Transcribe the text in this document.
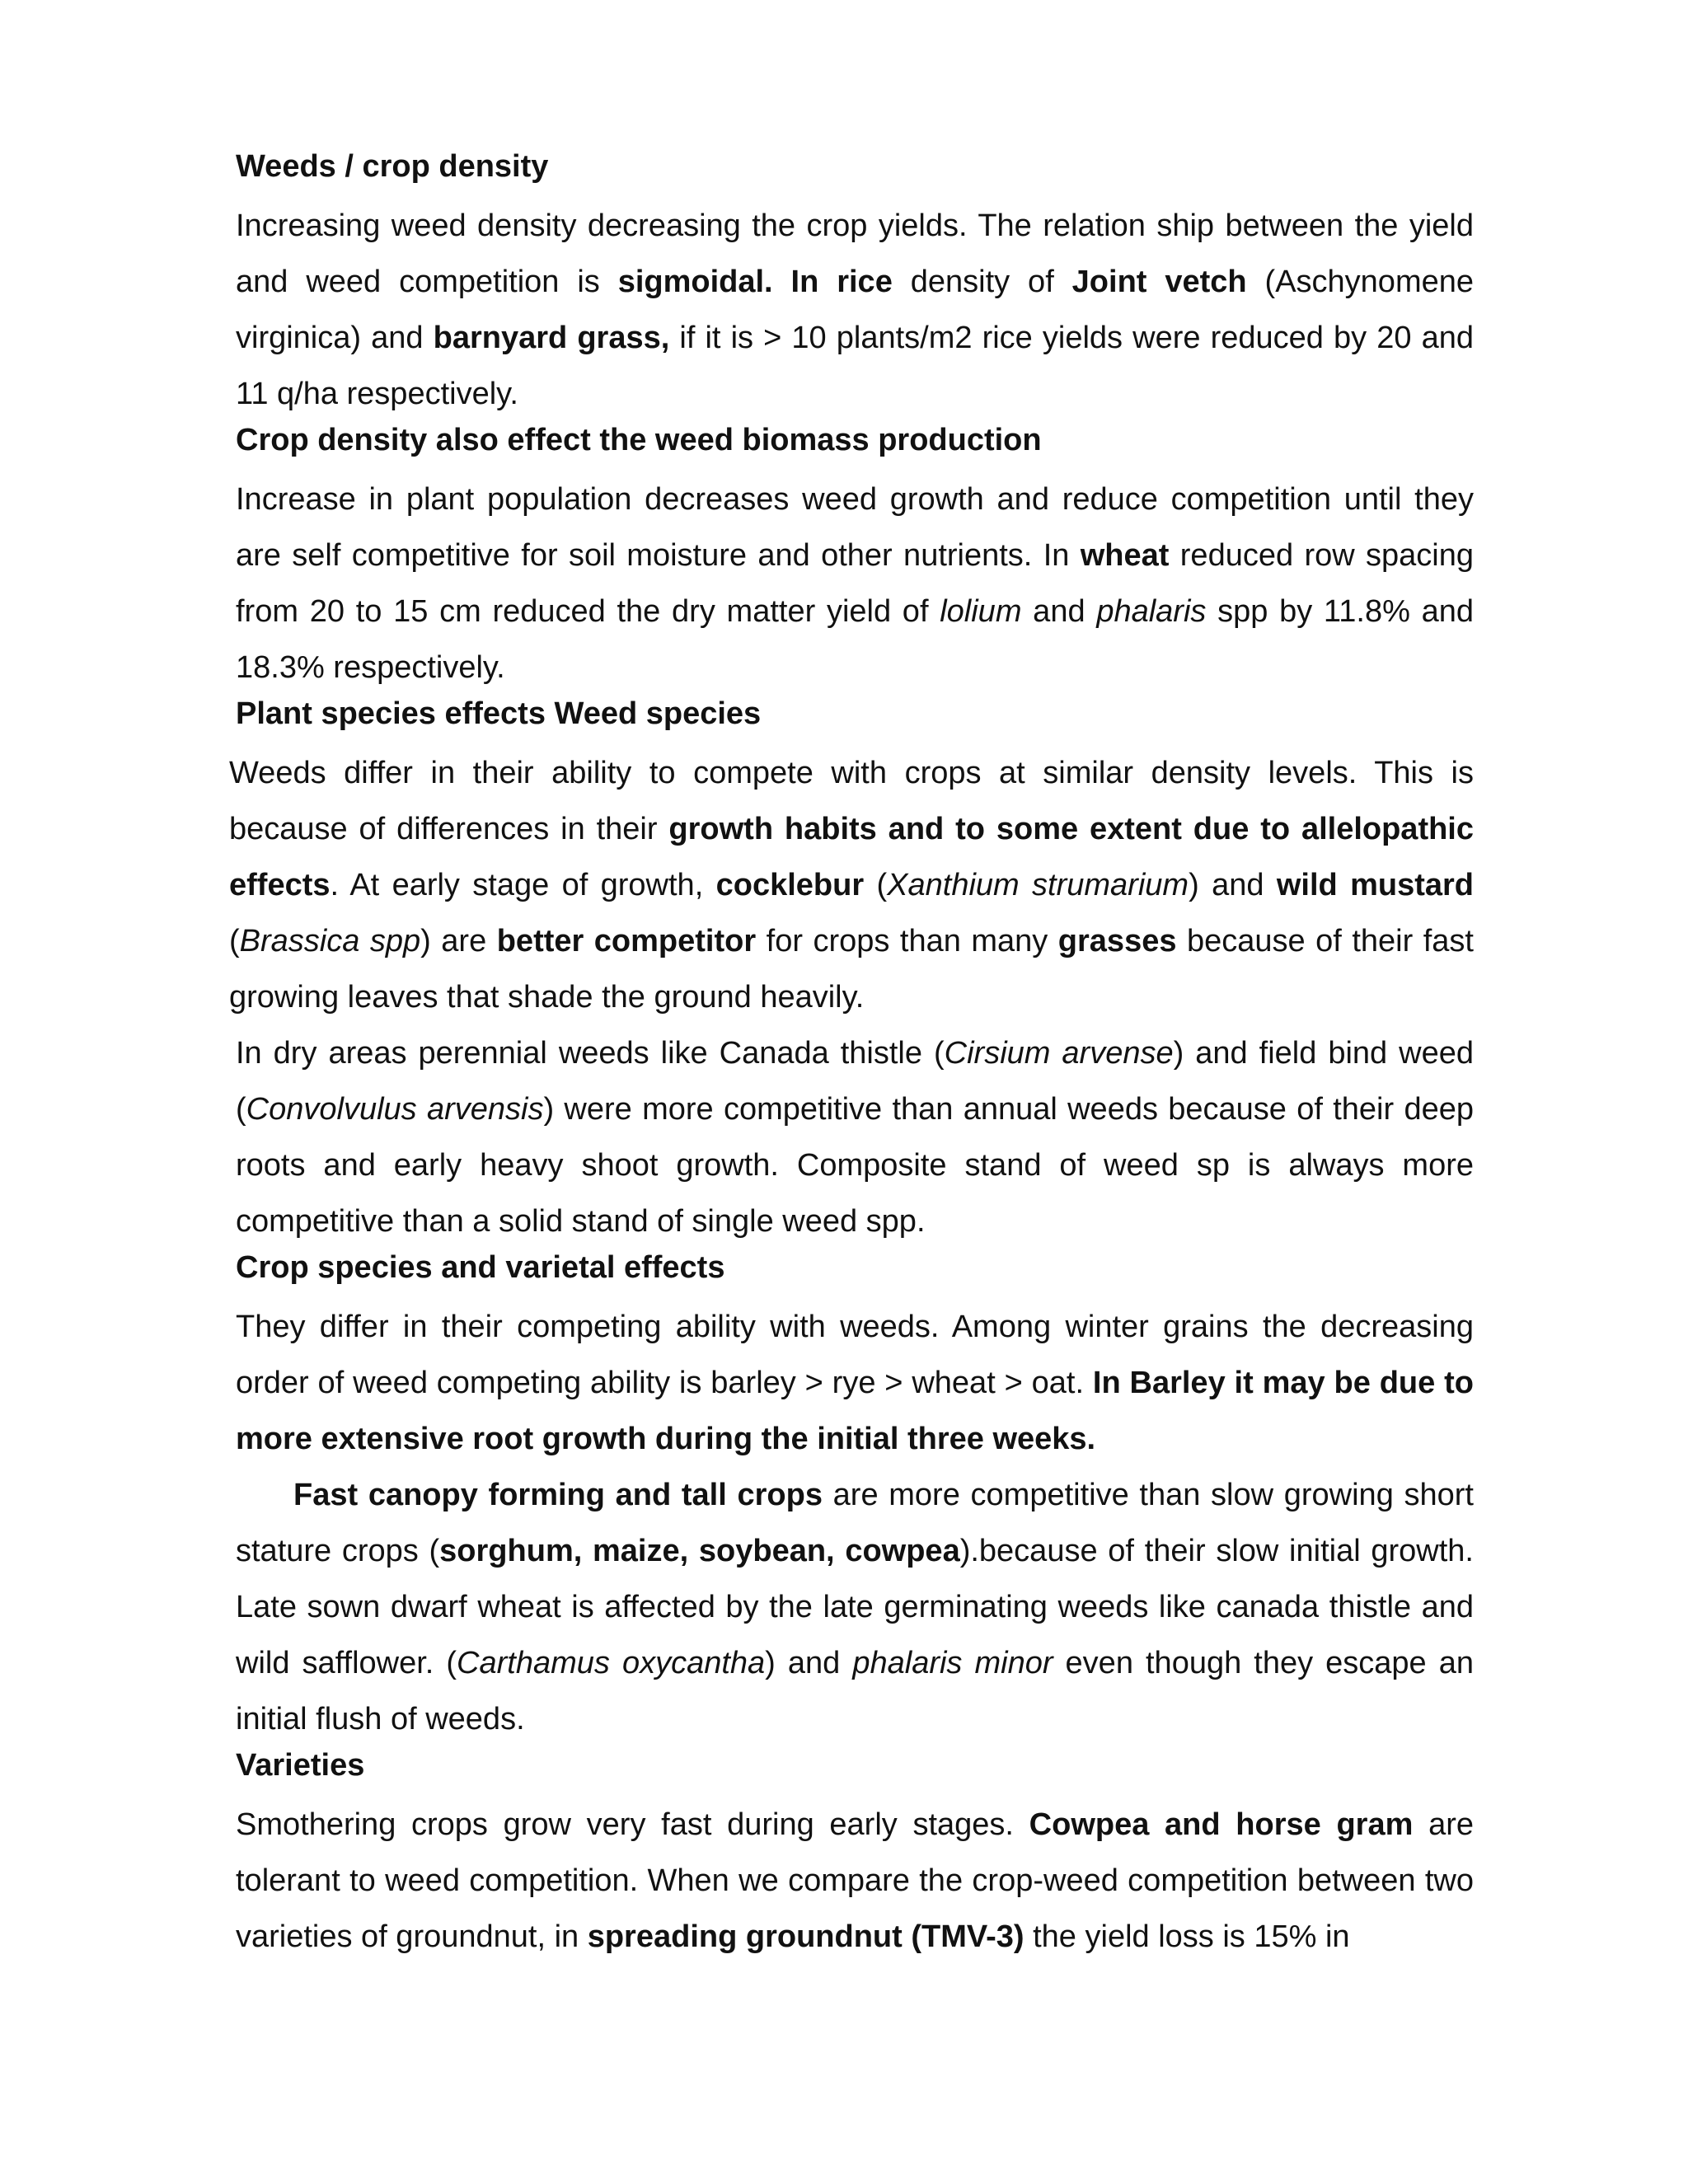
Weeds / crop density

Increasing weed density decreasing the crop yields. The relation ship between the yield and weed competition is sigmoidal. In rice density of Joint vetch (Aschynomene virginica) and barnyard grass, if it is > 10 plants/m2 rice yields were reduced by 20 and 11 q/ha respectively.

Crop density also effect the weed biomass production

Increase in plant population decreases weed growth and reduce competition until they are self competitive for soil moisture and other nutrients. In wheat reduced row spacing from 20 to 15 cm reduced the dry matter yield of lolium and phalaris spp by 11.8% and 18.3% respectively.

Plant species effects Weed species

Weeds differ in their ability to compete with crops at similar density levels. This is because of differences in their growth habits and to some extent due to allelopathic effects. At early stage of growth, cocklebur (Xanthium strumarium) and wild mustard (Brassica spp) are better competitor for crops than many grasses because of their fast growing leaves that shade the ground heavily.

In dry areas perennial weeds like Canada thistle (Cirsium arvense) and field bind weed (Convolvulus arvensis) were more competitive than annual weeds because of their deep roots and early heavy shoot growth. Composite stand of weed sp is always more competitive than a solid stand of single weed spp.

Crop species and varietal effects

They differ in their competing ability with weeds. Among winter grains the decreasing order of weed competing ability is barley > rye > wheat > oat. In Barley it may be due to more extensive root growth during the initial three weeks.

Fast canopy forming and tall crops are more competitive than slow growing short stature crops (sorghum, maize, soybean, cowpea).because of their slow initial growth. Late sown dwarf wheat is affected by the late germinating weeds like canada thistle and wild safflower. (Carthamus oxycantha) and phalaris minor even though they escape an initial flush of weeds.

Varieties

Smothering crops grow very fast during early stages. Cowpea and horse gram are tolerant to weed competition. When we compare the crop-weed competition between two varieties of groundnut, in spreading groundnut (TMV-3) the yield loss is 15% in
